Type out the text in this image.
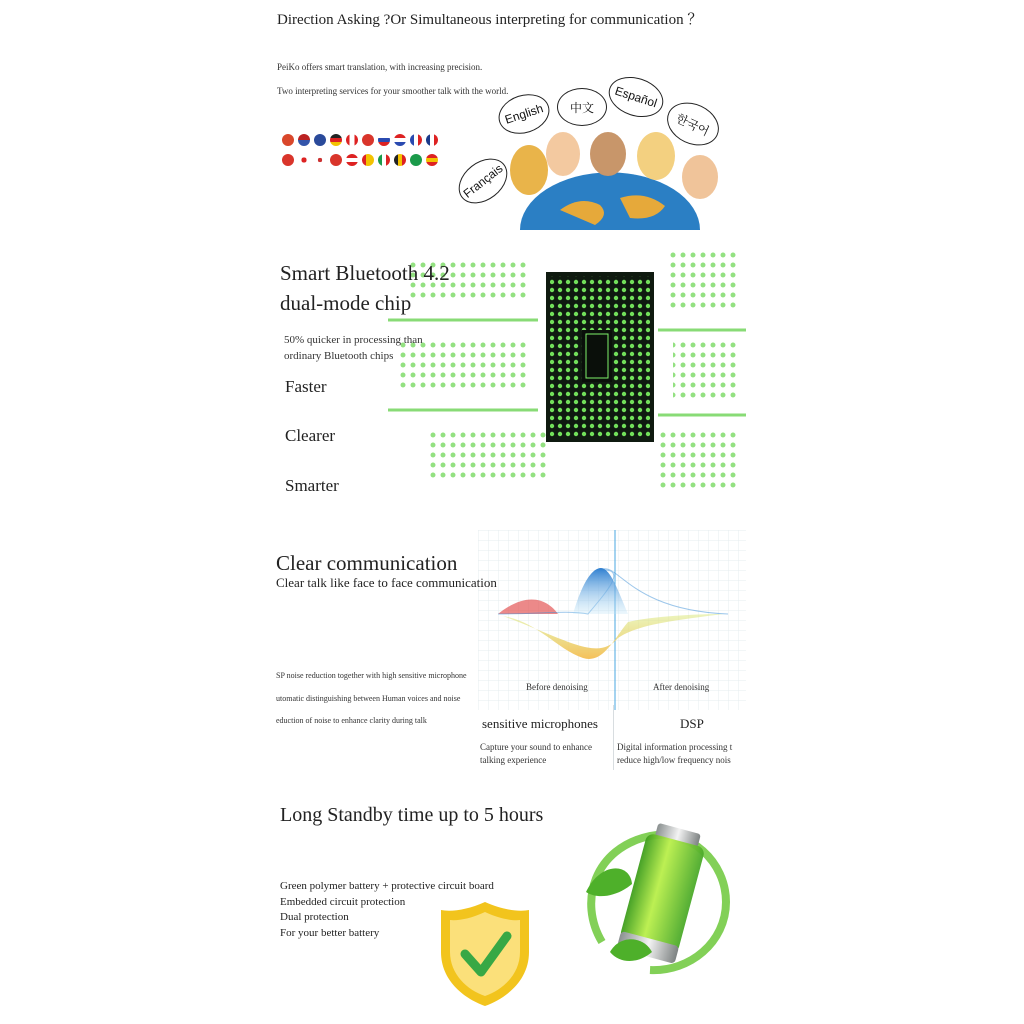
Direction Asking ?Or Simultaneous interpreting for communication ？
PeiKo offers smart translation, with increasing precision.
Two interpreting services for your smoother talk with the world.
English	中文	Español
한국어
Français
Smart Bluetooth 4.2
dual-mode chip
50% quicker in processing than
ordinary Bluetooth chips
Faster
Clearer
Smarter
Clear communication
Clear talk like face to face communication
SP noise reduction together with high sensitive microphone
utomatic distinguishing between Human voices and noise
eduction of noise to enhance clarity during talk
Before denoising	After denoising
sensitive microphones	DSP
Capture your sound to enhance
talking experience
Digital information processing t
reduce high/low frequency nois
Long Standby time up to 5 hours
Green polymer battery + protective circuit board
Embedded circuit protection
Dual protection
For your better battery
